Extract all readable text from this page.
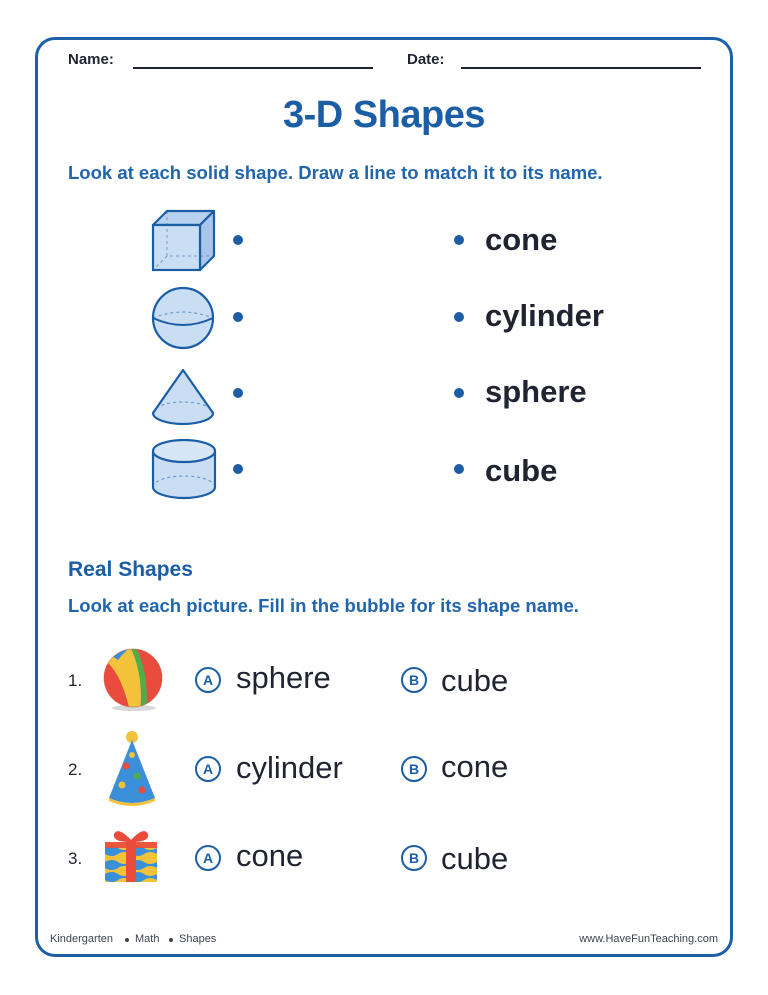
Name:	Date:
3-D Shapes
Look at each solid shape. Draw a line to match it to its name.
cone
cylinder
sphere
cube
Real Shapes
Look at each picture. Fill in the bubble for its shape name.
1.	A sphere	B cube
2.	A cylinder	B cone
3.	A cone	B cube
Kindergarten Math Shapes	www.HaveFunTeaching.com
